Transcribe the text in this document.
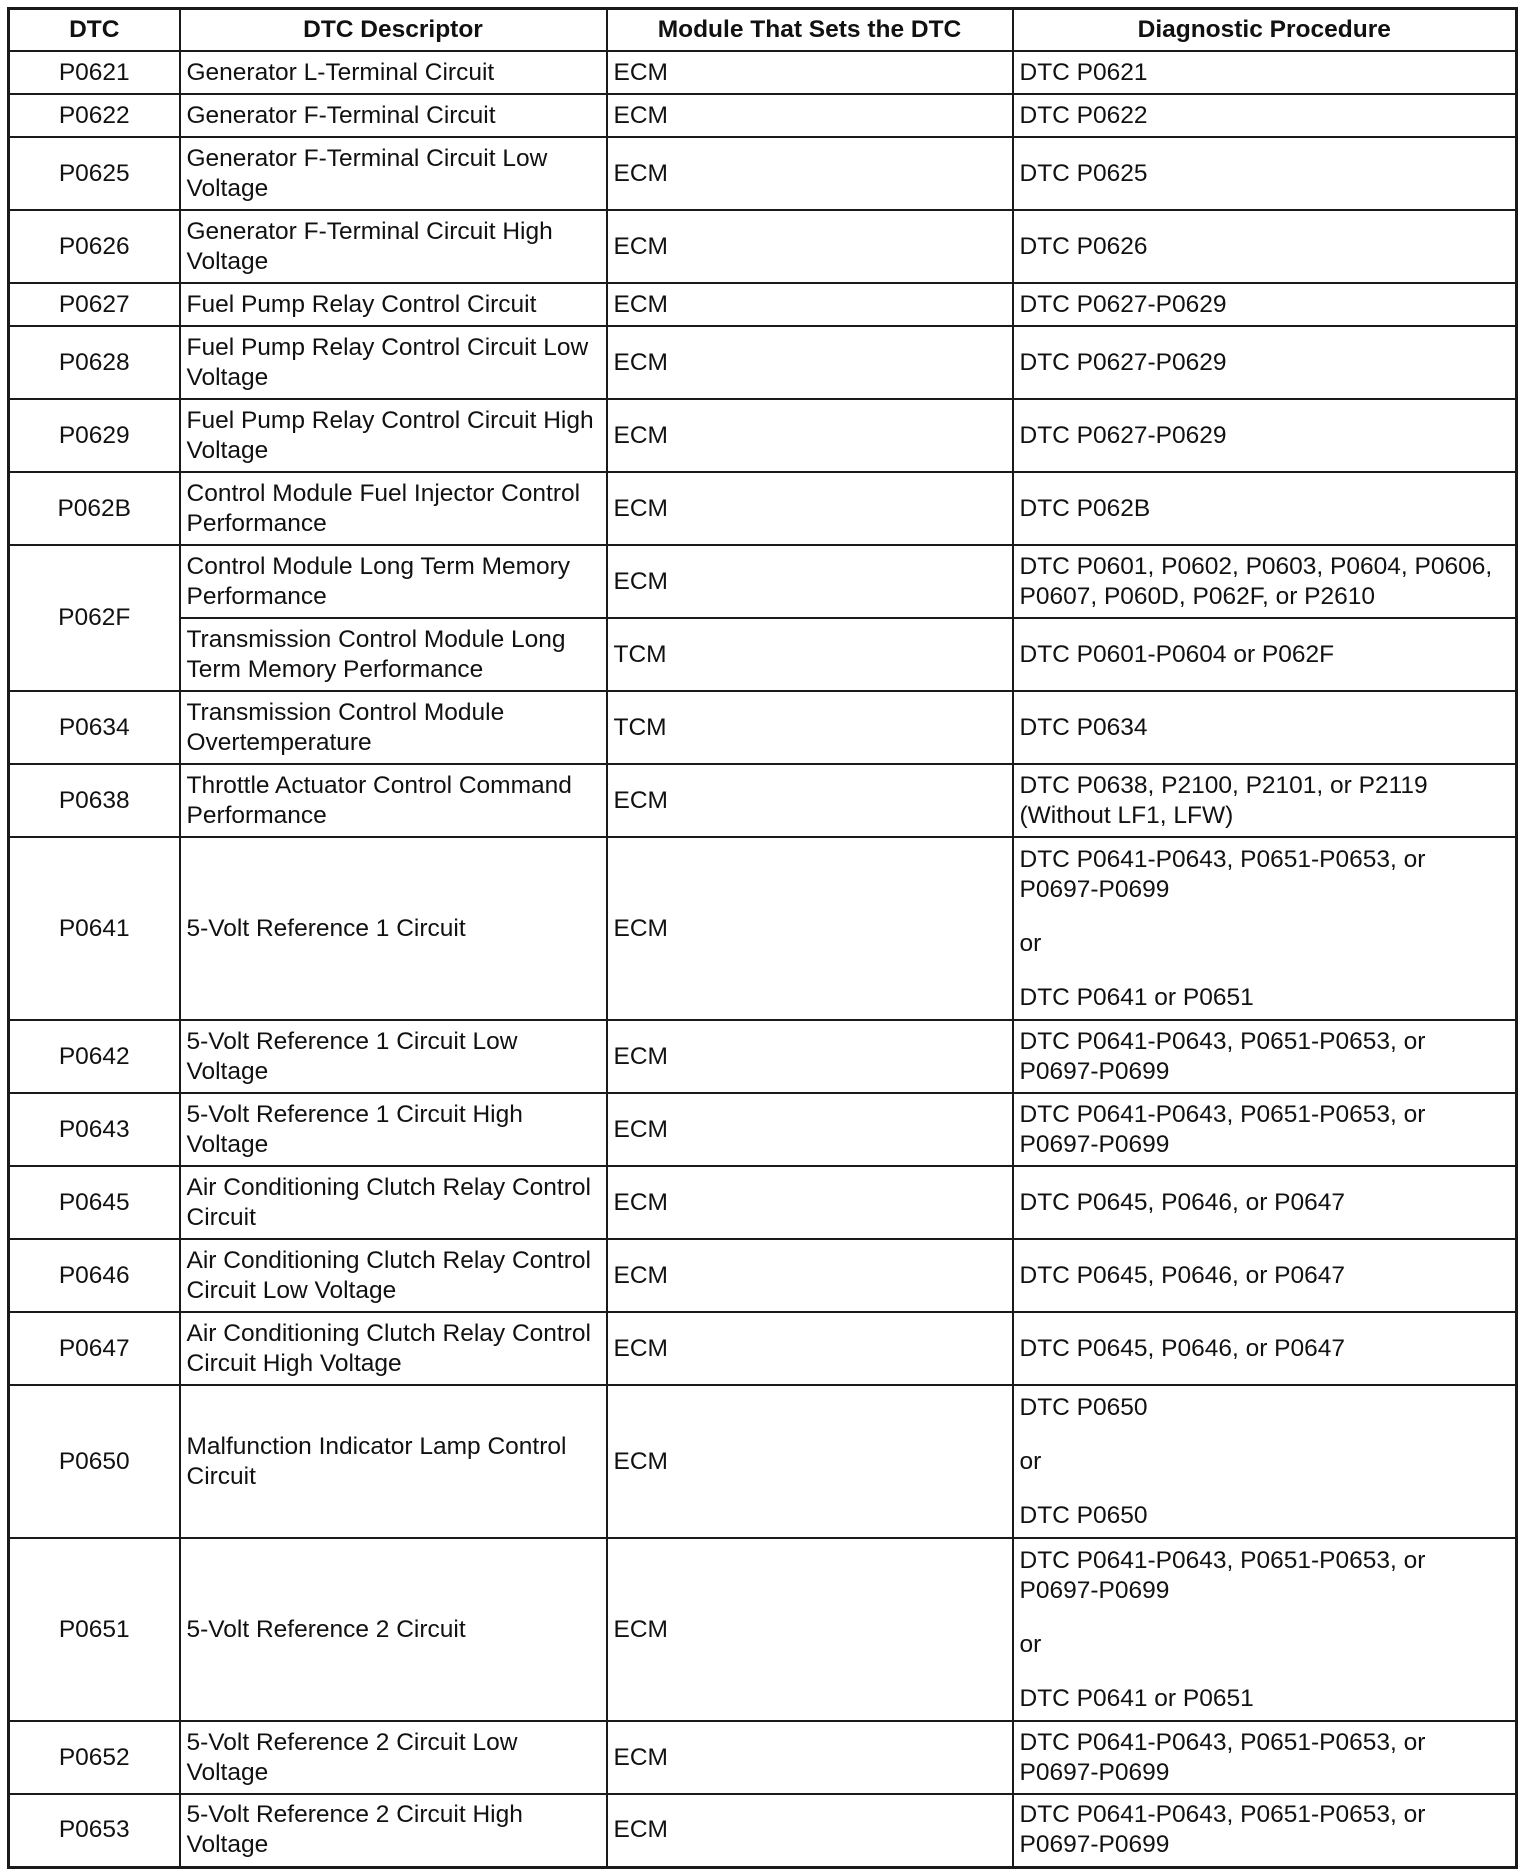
DTC	DTC Descriptor	Module That Sets the DTC	Diagnostic Procedure
P0621	Generator L-Terminal Circuit	ECM	DTC P0621
P0622	Generator F-Terminal Circuit	ECM	DTC P0622
P0625	Generator F-Terminal Circuit Low Voltage	ECM	DTC P0625
P0626	Generator F-Terminal Circuit High Voltage	ECM	DTC P0626
P0627	Fuel Pump Relay Control Circuit	ECM	DTC P0627-P0629
P0628	Fuel Pump Relay Control Circuit Low Voltage	ECM	DTC P0627-P0629
P0629	Fuel Pump Relay Control Circuit High Voltage	ECM	DTC P0627-P0629
P062B	Control Module Fuel Injector Control Performance	ECM	DTC P062B
P062F	Control Module Long Term Memory Performance	ECM	DTC P0601, P0602, P0603, P0604, P0606, P0607, P060D, P062F, or P2610
	Transmission Control Module Long Term Memory Performance	TCM	DTC P0601-P0604 or P062F
P0634	Transmission Control Module Overtemperature	TCM	DTC P0634
P0638	Throttle Actuator Control Command Performance	ECM	DTC P0638, P2100, P2101, or P2119 (Without LF1, LFW)
P0641	5-Volt Reference 1 Circuit	ECM	DTC P0641-P0643, P0651-P0653, or P0697-P0699
or
DTC P0641 or P0651

P0642	5-Volt Reference 1 Circuit Low Voltage	ECM	DTC P0641-P0643, P0651-P0653, or P0697-P0699
P0643	5-Volt Reference 1 Circuit High Voltage	ECM	DTC P0641-P0643, P0651-P0653, or P0697-P0699
P0645	Air Conditioning Clutch Relay Control Circuit	ECM	DTC P0645, P0646, or P0647
P0646	Air Conditioning Clutch Relay Control Circuit Low Voltage	ECM	DTC P0645, P0646, or P0647
P0647	Air Conditioning Clutch Relay Control Circuit High Voltage	ECM	DTC P0645, P0646, or P0647
P0650	Malfunction Indicator Lamp Control Circuit	ECM	DTC P0650
or
DTC P0650

P0651	5-Volt Reference 2 Circuit	ECM	DTC P0641-P0643, P0651-P0653, or P0697-P0699
or
DTC P0641 or P0651

P0652	5-Volt Reference 2 Circuit Low Voltage	ECM	DTC P0641-P0643, P0651-P0653, or P0697-P0699
P0653	5-Volt Reference 2 Circuit High Voltage	ECM	DTC P0641-P0643, P0651-P0653, or P0697-P0699
